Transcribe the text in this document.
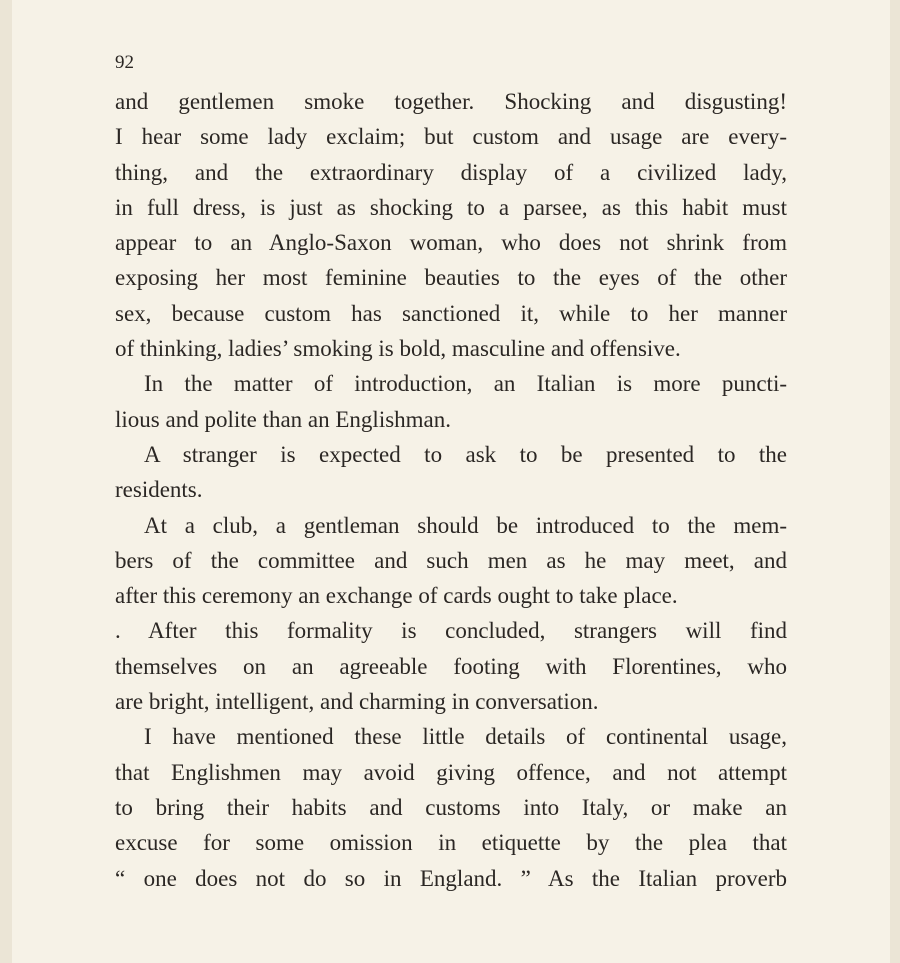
92
and gentlemen smoke together. Shocking and disgusting!
I hear some lady exclaim; but custom and usage are every-
thing, and the extraordinary display of a civilized lady,
in full dress, is just as shocking to a parsee, as this habit must
appear to an Anglo-Saxon woman, who does not shrink from
exposing her most feminine beauties to the eyes of the other
sex, because custom has sanctioned it, while to her manner
of thinking, ladies’ smoking is bold, masculine and offensive.
In the matter of introduction, an Italian is more puncti-
lious and polite than an Englishman.
A stranger is expected to ask to be presented to the
residents.
At a club, a gentleman should be introduced to the mem-
bers of the committee and such men as he may meet, and
after this ceremony an exchange of cards ought to take place.
. After this formality is concluded, strangers will find
themselves on an agreeable footing with Florentines, who
are bright, intelligent, and charming in conversation.
I have mentioned these little details of continental usage,
that Englishmen may avoid giving offence, and not attempt
to bring their habits and customs into Italy, or make an
excuse for some omission in etiquette by the plea that
“ one does not do so in England. ” As the Italian proverb
